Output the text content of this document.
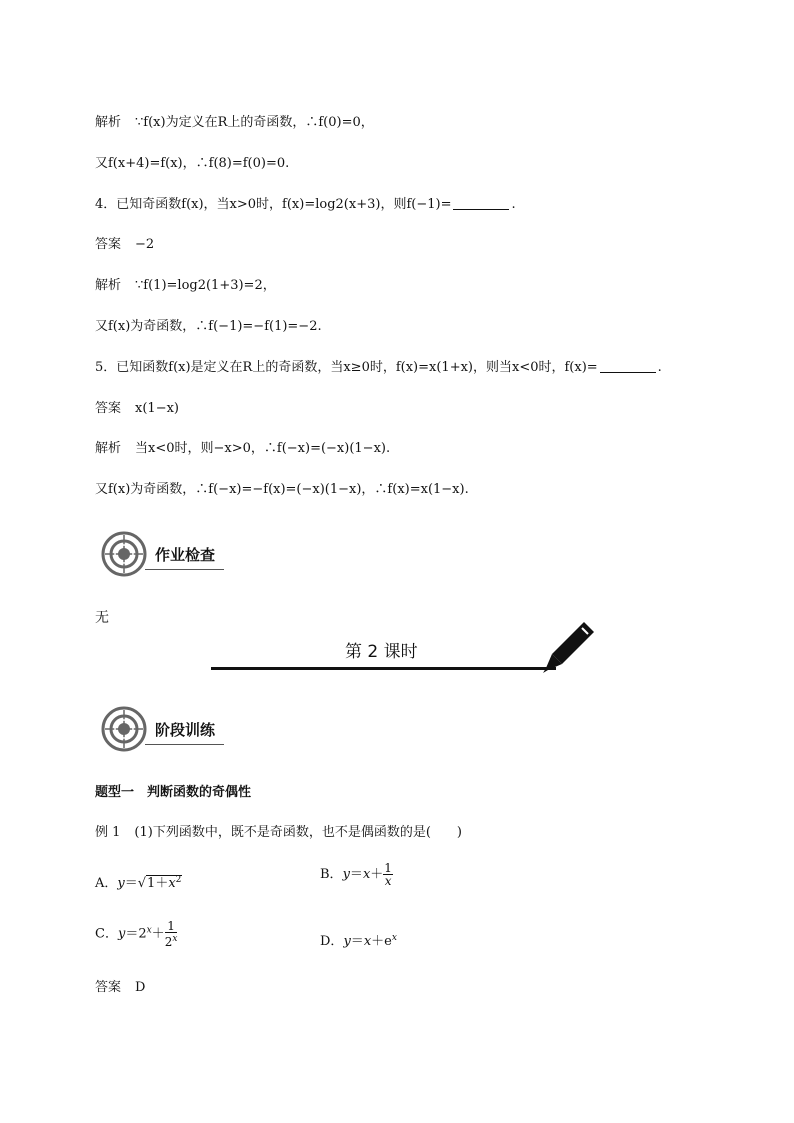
解析 ∵f(x)为定义在R上的奇函数，∴f(0)=0，
又f(x+4)=f(x)，∴f(8)=f(0)=0.
4．已知奇函数f(x)，当x>0时，f(x)=log2(x+3)，则f(−1)=	.
答案 −2
解析 ∵f(1)=log2(1+3)=2，
又f(x)为奇函数，∴f(−1)=−f(1)=−2.
5．已知函数f(x)是定义在R上的奇函数，当x≥0时，f(x)=x(1+x)，则当x<0时，f(x)=	.
答案 x(1−x)
解析 当x<0时，则−x>0，∴f(−x)=(−x)(1−x).
又f(x)为奇函数，∴f(−x)=−f(x)=(−x)(1−x)，∴f(x)=x(1−x).
作业检查
无
第 2 课时
阶段训练
题型一　判断函数的奇偶性
例 1 (1)下列函数中，既不是奇函数，也不是偶函数的是(　　)
A．$y=√1+x^2$	B．$y=x+ \frac{1}{x}$
C．$y=2^x+ \frac{1}{2^x}$	D．$y=x+e^x$
答案 D
